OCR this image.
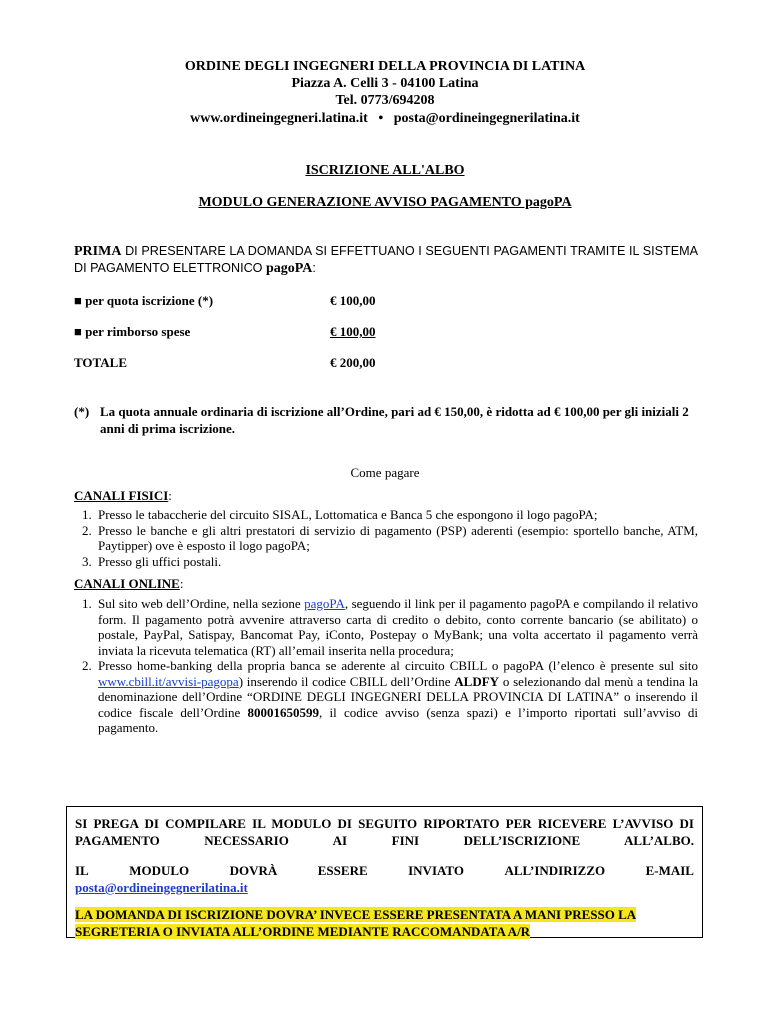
ORDINE DEGLI INGEGNERI DELLA PROVINCIA DI LATINA
Piazza A. Celli 3 - 04100 Latina
Tel. 0773/694208
www.ordineingegneri.latina.it • posta@ordineingegnerilatina.it
ISCRIZIONE ALL'ALBO
MODULO GENERAZIONE AVVISO PAGAMENTO pagoPA
PRIMA DI PRESENTARE LA DOMANDA SI EFFETTUANO I SEGUENTI PAGAMENTI TRAMITE IL SISTEMA DI PAGAMENTO ELETTRONICO pagoPA:
■ per quota iscrizione (*)	€ 100,00
■ per rimborso spese	€ 100,00
TOTALE	€ 200,00
(*) La quota annuale ordinaria di iscrizione all’Ordine, pari ad € 150,00, è ridotta ad € 100,00 per gli iniziali 2 anni di prima iscrizione.
Come pagare
CANALI FISICI:
1. Presso le tabaccherie del circuito SISAL, Lottomatica e Banca 5 che espongono il logo pagoPA;
2. Presso le banche e gli altri prestatori di servizio di pagamento (PSP) aderenti (esempio: sportello banche, ATM, Paytipper) ove è esposto il logo pagoPA;
3. Presso gli uffici postali.
CANALI ONLINE:
1. Sul sito web dell’Ordine, nella sezione pagoPA, seguendo il link per il pagamento pagoPA e compilando il relativo form. Il pagamento potrà avvenire attraverso carta di credito o debito, conto corrente bancario (se abilitato) o postale, PayPal, Satispay, Bancomat Pay, iConto, Postepay o MyBank; una volta accertato il pagamento verrà inviata la ricevuta telematica (RT) all’email inserita nella procedura;
2. Presso home-banking della propria banca se aderente al circuito CBILL o pagoPA (l’elenco è presente sul sito www.cbill.it/avvisi-pagopa) inserendo il codice CBILL dell’Ordine ALDFY o selezionando dal menù a tendina la denominazione dell’Ordine “ORDINE DEGLI INGEGNERI DELLA PROVINCIA DI LATINA” o inserendo il codice fiscale dell’Ordine 80001650599, il codice avviso (senza spazi) e l’importo riportati sull’avviso di pagamento.
SI PREGA DI COMPILARE IL MODULO DI SEGUITO RIPORTATO PER RICEVERE L’AVVISO DI PAGAMENTO NECESSARIO AI FINI DELL’ISCRIZIONE ALL’ALBO.
IL	MODULO	DOVRÀ	ESSERE	INVIATO	ALL’INDIRIZZO	E-MAIL
posta@ordineingegnerilatina.it
LA DOMANDA DI ISCRIZIONE DOVRA’ INVECE ESSERE PRESENTATA A MANI PRESSO LA SEGRETERIA O INVIATA ALL’ORDINE MEDIANTE RACCOMANDATA A/R
